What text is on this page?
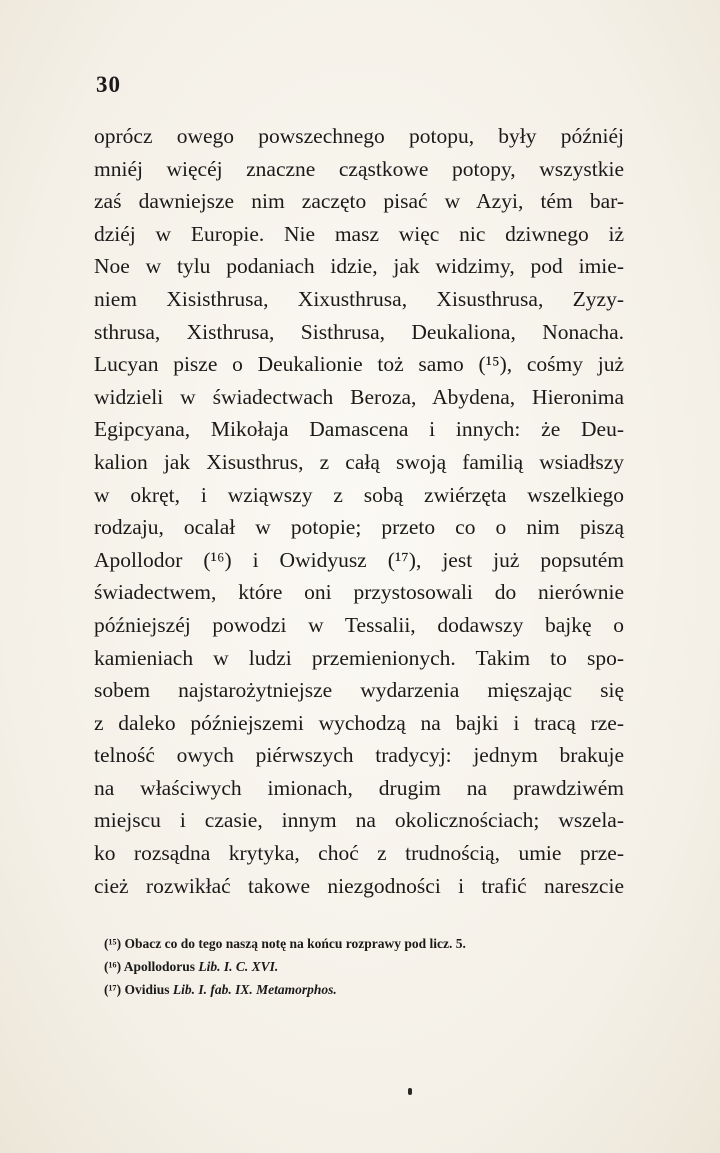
30
oprócz owego powszechnego potopu, były późniéj
mniéj więcéj znaczne cząstkowe potopy, wszystkie
zaś dawniejsze nim zaczęto pisać w Azyi, tém bar-
dziéj w Europie. Nie masz więc nic dziwnego iż
Noe w tylu podaniach idzie, jak widzimy, pod imie-
niem Xisisthrusa, Xixusthrusa, Xisusthrusa, Zyzy-
sthrusa, Xisthrusa, Sisthrusa, Deukaliona, Nonacha.
Lucyan pisze o Deukalionie toż samo (¹⁵), cośmy już
widzieli w świadectwach Beroza, Abydena, Hieronima
Egipcyana, Mikołaja Damascena i innych: że Deu-
kalion jak Xisusthrus, z całą swoją familią wsiadłszy
w okręt, i wziąwszy z sobą zwiérzęta wszelkiego
rodzaju, ocalał w potopie; przeto co o nim piszą
Apollodor (¹⁶) i Owidyusz (¹⁷), jest już popsutém
świadectwem, które oni przystosowali do nierównie
późniejszéj powodzi w Tessalii, dodawszy bajkę o
kamieniach w ludzi przemienionych. Takim to spo-
sobem najstarożytniejsze wydarzenia mięszając się
z daleko późniejszemi wychodzą na bajki i tracą rze-
telność owych piérwszych tradycyj: jednym brakuje
na właściwych imionach, drugim na prawdziwém
miejscu i czasie, innym na okolicznościach; wszela-
ko rozsądna krytyka, choć z trudnością, umie prze-
cież rozwikłać takowe niezgodności i trafić nareszcie
(¹⁵) Obacz co do tego naszą notę na końcu rozprawy pod licz. 5.
(¹⁶) Apollodorus Lib. I. C. XVI.
(¹⁷) Ovidius Lib. I. fab. IX. Metamorphos.
